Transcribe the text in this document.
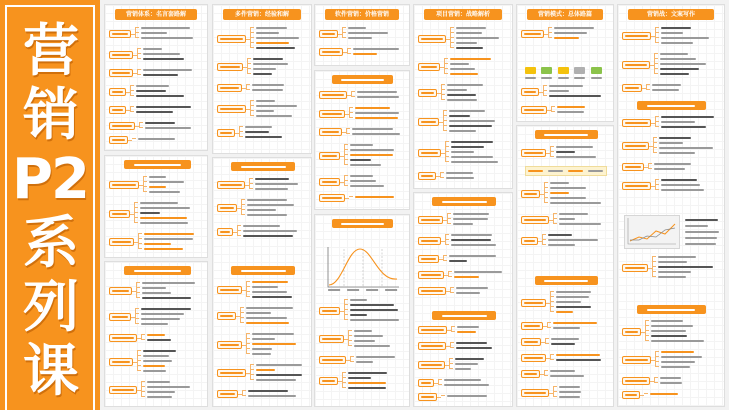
营
销
P2
系
列
课
营销体系：名言套路解	多件营销：经验和解	软件营销：价格营销	项目营销：战略解析	营销模式：总体路篇	营销战：文案写作
